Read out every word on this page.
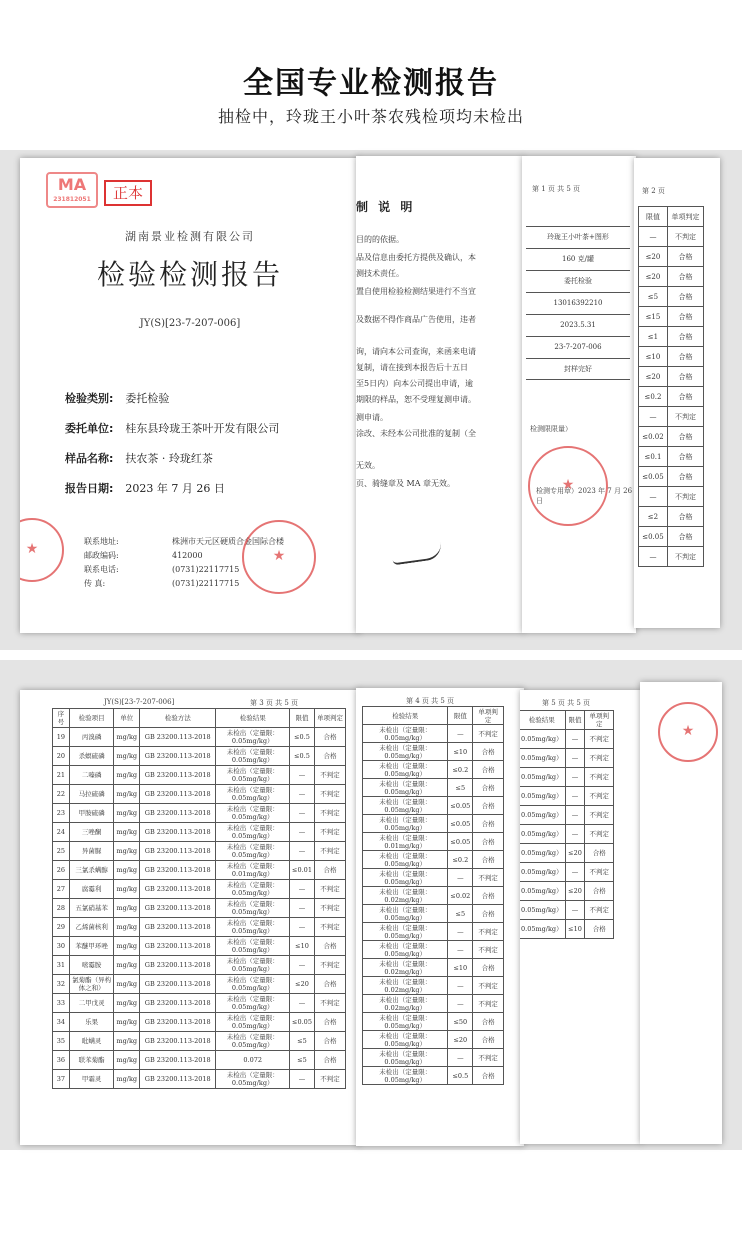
全国专业检测报告
抽检中，玲珑王小叶茶农残检项均未检出
MA
231812051	正本
湖南景业检测有限公司
检验检测报告
JY(S)[23-7-207-006]
检验类别: 委托检验
委托单位: 桂东县玲珑王茶叶开发有限公司
样品名称: 扶农茶 · 玲珑红茶
报告日期: 2023 年 7 月 26 日
联系地址:	株洲市天元区硬质合金国际合楼
邮政编码:	412000
联系电话:	(0731)22117715
传 真:	(0731)22117715
★
★
制 说 明
目的的依据。
品及信息由委托方提供及确认，本
测技术责任。
置自使用检验检测结果进行不当宣
及数据不得作商品广告使用，违者
询，请向本公司查询，来函来电请
复制，请在接到本报告后十五日
至5日内）向本公司提出申请，逾
期限的样品，恕不受理复测申请。
测申请。
涂改、未经本公司批准的复制（全
无效。
页、骑缝章及 MA 章无效。
第 1 页 共 5 页
玲珑王小叶茶+图形
160 克/罐
委托检验
13016392210
2023.5.31
23-7-207-006
封样完好
检测限限量）
检测专用章）2023 年 7 月 26 日
★
第 2 页
限值	单项判定
—	不判定
≤20	合格
≤20	合格
≤5	合格
≤15	合格
≤1	合格
≤10	合格
≤20	合格
≤0.2	合格
—	不判定
≤0.02	合格
≤0.1	合格
≤0.05	合格
—	不判定
≤2	合格
≤0.05	合格
—	不判定
JY(S)[23-7-207-006]	第 3 页 共 5 页
序号	检验项目	单位	检验方法	检验结果	限值	单项判定
19	丙溴磷	mg/kg	GB 23200.113-2018	未检出（定量限：0.05mg/kg）	≤0.5	合格
20	杀螟硫磷	mg/kg	GB 23200.113-2018	未检出（定量限：0.05mg/kg）	≤0.5	合格
21	二嗪磷	mg/kg	GB 23200.113-2018	未检出（定量限：0.05mg/kg）	—	不判定
22	马拉硫磷	mg/kg	GB 23200.113-2018	未检出（定量限：0.05mg/kg）	—	不判定
23	甲胺硫磷	mg/kg	GB 23200.113-2018	未检出（定量限：0.05mg/kg）	—	不判定
24	三唑酮	mg/kg	GB 23200.113-2018	未检出（定量限：0.05mg/kg）	—	不判定
25	异菌脲	mg/kg	GB 23200.113-2018	未检出（定量限：0.05mg/kg）	—	不判定
26	三氯杀螨醇	mg/kg	GB 23200.113-2018	未检出（定量限：0.01mg/kg）	≤0.01	合格
27	腐霉利	mg/kg	GB 23200.113-2018	未检出（定量限：0.05mg/kg）	—	不判定
28	五氯硝基苯	mg/kg	GB 23200.113-2018	未检出（定量限：0.05mg/kg）	—	不判定
29	乙烯菌核利	mg/kg	GB 23200.113-2018	未检出（定量限：0.05mg/kg）	—	不判定
30	苯醚甲环唑	mg/kg	GB 23200.113-2018	未检出（定量限：0.05mg/kg）	≤10	合格
31	嘧霉胺	mg/kg	GB 23200.113-2018	未检出（定量限：0.05mg/kg）	—	不判定
32	氯菊酯（异构体之和）	mg/kg	GB 23200.113-2018	未检出（定量限：0.05mg/kg）	≤20	合格
33	二甲戊灵	mg/kg	GB 23200.113-2018	未检出（定量限：0.05mg/kg）	—	不判定
34	乐果	mg/kg	GB 23200.113-2018	未检出（定量限：0.05mg/kg）	≤0.05	合格
35	吡螨灵	mg/kg	GB 23200.113-2018	未检出（定量限：0.05mg/kg）	≤5	合格
36	联苯菊酯	mg/kg	GB 23200.113-2018	0.072	≤5	合格
37	甲霜灵	mg/kg	GB 23200.113-2018	未检出（定量限：0.05mg/kg）	—	不判定
第 4 页 共 5 页
检验结果	限值	单项判定
未检出（定量限：0.05mg/kg）	—	不判定
未检出（定量限：0.05mg/kg）	≤10	合格
未检出（定量限：0.05mg/kg）	≤0.2	合格
未检出（定量限：0.05mg/kg）	≤5	合格
未检出（定量限：0.05mg/kg）	≤0.05	合格
未检出（定量限：0.05mg/kg）	≤0.05	合格
未检出（定量限：0.01mg/kg）	≤0.05	合格
未检出（定量限：0.05mg/kg）	≤0.2	合格
未检出（定量限：0.05mg/kg）	—	不判定
未检出（定量限：0.02mg/kg）	≤0.02	合格
未检出（定量限：0.05mg/kg）	≤5	合格
未检出（定量限：0.05mg/kg）	—	不判定
未检出（定量限：0.05mg/kg）	—	不判定
未检出（定量限：0.02mg/kg）	≤10	合格
未检出（定量限：0.02mg/kg）	—	不判定
未检出（定量限：0.02mg/kg）	—	不判定
未检出（定量限：0.05mg/kg）	≤50	合格
未检出（定量限：0.05mg/kg）	≤20	合格
未检出（定量限：0.05mg/kg）	—	不判定
未检出（定量限：0.05mg/kg）	≤0.5	合格
第 5 页 共 5 页
检验结果	限值	单项判定
0.05mg/kg）	—	不判定
0.05mg/kg）	—	不判定
0.05mg/kg）	—	不判定
0.05mg/kg）	—	不判定
0.05mg/kg）	—	不判定
0.05mg/kg）	—	不判定
0.05mg/kg）	≤20	合格
0.05mg/kg）	—	不判定
0.05mg/kg）	≤20	合格
0.05mg/kg）	—	不判定
0.05mg/kg）	≤10	合格
★
